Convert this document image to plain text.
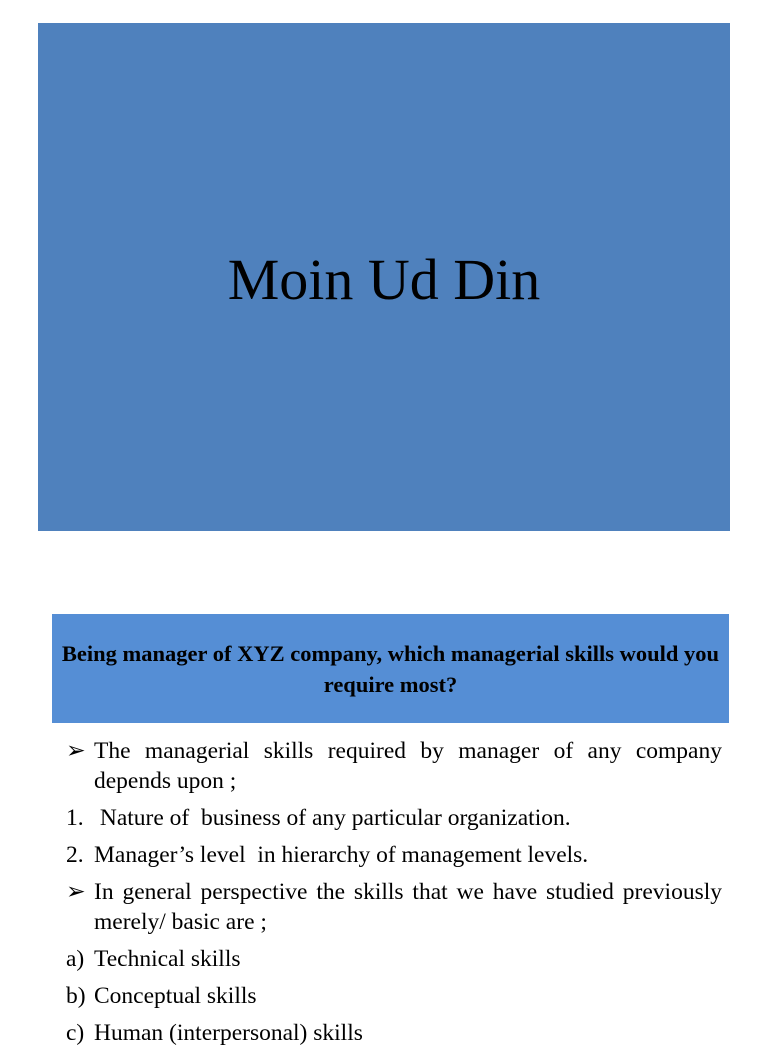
Moin Ud Din
Being manager of XYZ company, which managerial skills would you require most?
➢ The managerial skills required by manager of any company depends upon ;
1. Nature of  business of any particular organization.
2. Manager’s level  in hierarchy of management levels.
➢ In general perspective the skills that we have studied previously merely/ basic are ;
a) Technical skills
b) Conceptual skills
c) Human (interpersonal) skills
